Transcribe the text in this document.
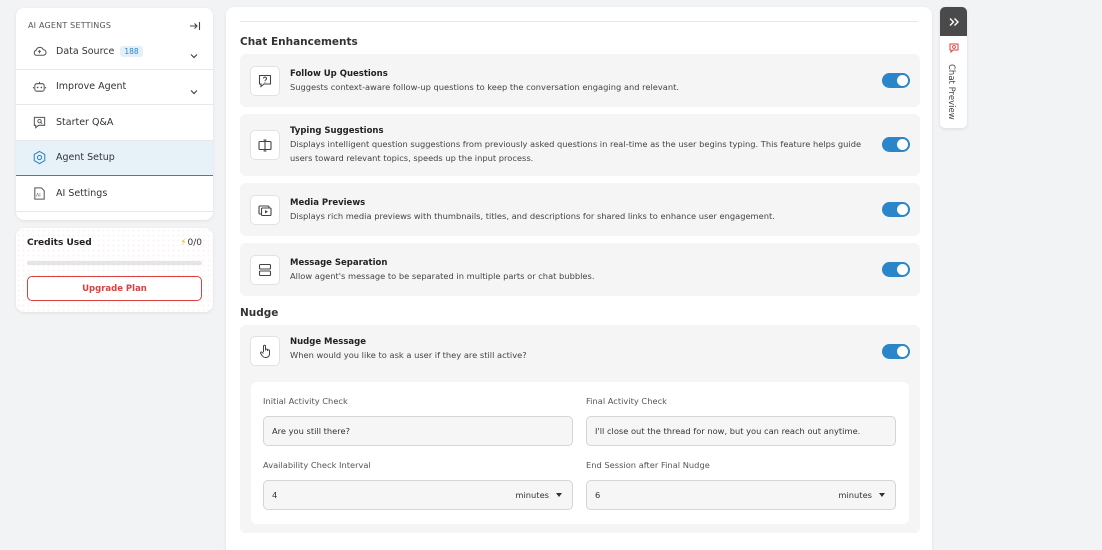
AI AGENT SETTINGS
Data Source	188
Improve Agent
Starter Q&A
Agent Setup
AI AI Settings
Credits Used	⚡ 0/0
Upgrade Plan
Chat Enhancements
Follow Up Questions
Suggests context-aware follow-up questions to keep the conversation engaging and relevant.
Typing Suggestions
Displays intelligent question suggestions from previously asked questions in real-time as the user begins typing. This feature helps guide users toward relevant topics, speeds up the input process.
Media Previews
Displays rich media previews with thumbnails, titles, and descriptions for shared links to enhance user engagement.
Message Separation
Allow agent's message to be separated in multiple parts or chat bubbles.
Nudge
Nudge Message
When would you like to ask a user if they are still active?
Initial Activity Check
Are you still there?
Final Activity Check
I'll close out the thread for now, but you can reach out anytime.
Availability Check Interval
4	minutes
End Session after Final Nudge
6	minutes
Chat Preview
